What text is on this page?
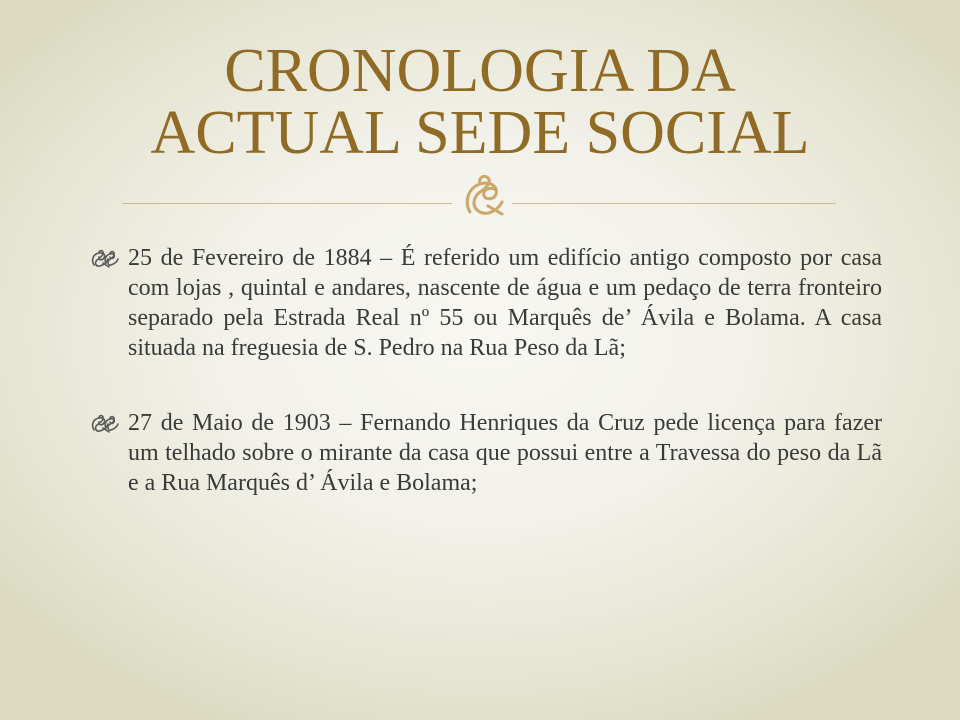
CRONOLOGIA DA
ACTUAL SEDE SOCIAL
25 de Fevereiro de 1884 – É referido um edifício antigo composto por casa com lojas , quintal e andares, nascente de água e um pedaço de terra fronteiro separado pela Estrada Real nº 55 ou Marquês de’ Ávila e Bolama. A casa situada na freguesia de S. Pedro na Rua Peso da Lã;
27 de Maio de 1903 – Fernando Henriques da Cruz pede licença para fazer um telhado sobre o mirante da casa que possui entre a Travessa do peso da Lã e a Rua Marquês d’ Ávila e Bolama;
